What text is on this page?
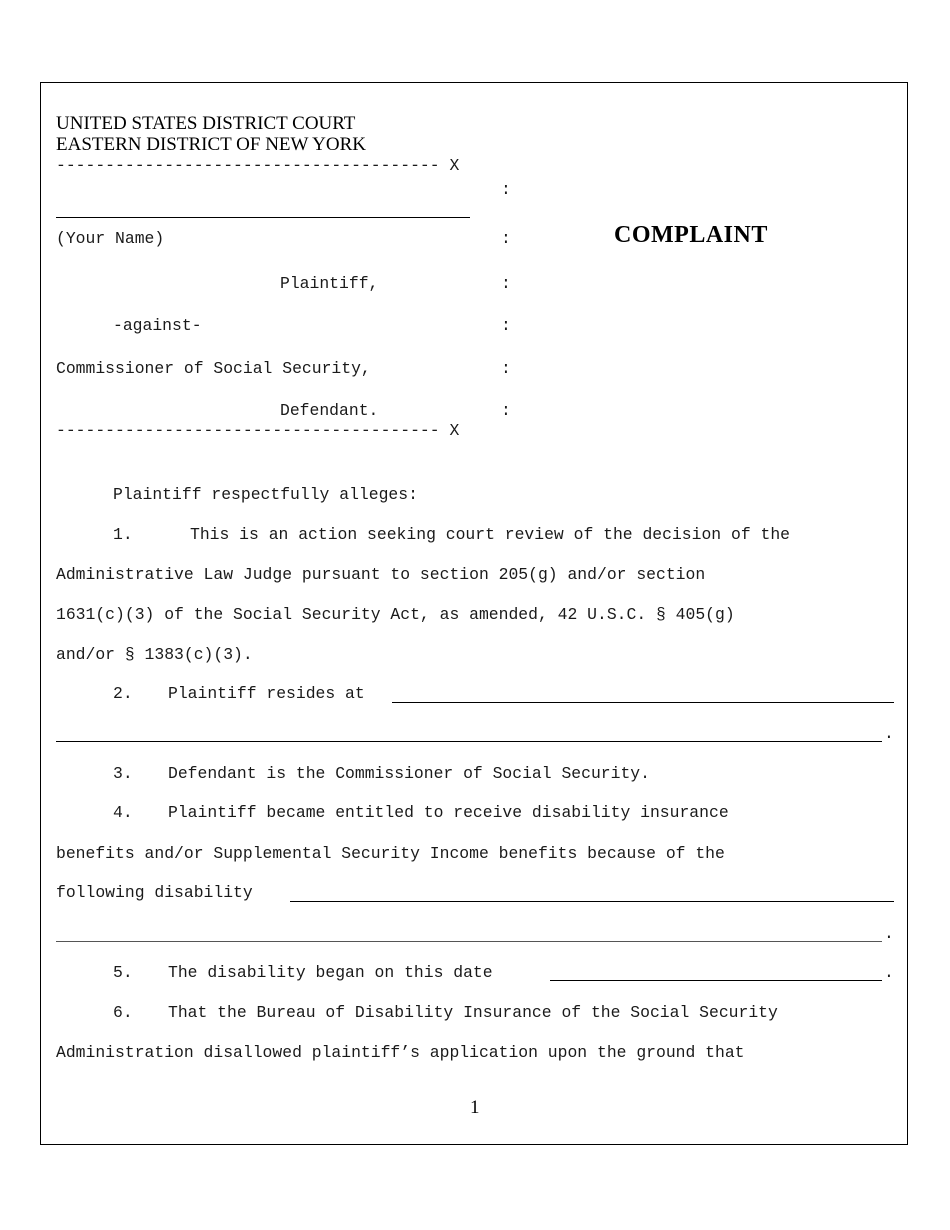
UNITED STATES DISTRICT COURT
EASTERN DISTRICT OF NEW YORK
--------------------------------------- X
:
(Your Name)	:	COMPLAINT
Plaintiff,	:
-against-	:
Commissioner of Social Security,	:
Defendant.	:
--------------------------------------- X
Plaintiff respectfully alleges:
1.	This is an action seeking court review of the decision of the
Administrative Law Judge pursuant to section 205(g) and/or section
1631(c)(3) of the Social Security Act, as amended, 42 U.S.C. § 405(g)
and/or § 1383(c)(3).
2. Plaintiff resides at
.
3. Defendant is the Commissioner of Social Security.
4. Plaintiff became entitled to receive disability insurance
benefits and/or Supplemental Security Income benefits because of the
following disability
.
5. The disability began on this date	.
6. That the Bureau of Disability Insurance of the Social Security
Administration disallowed plaintiff’s application upon the ground that
1
